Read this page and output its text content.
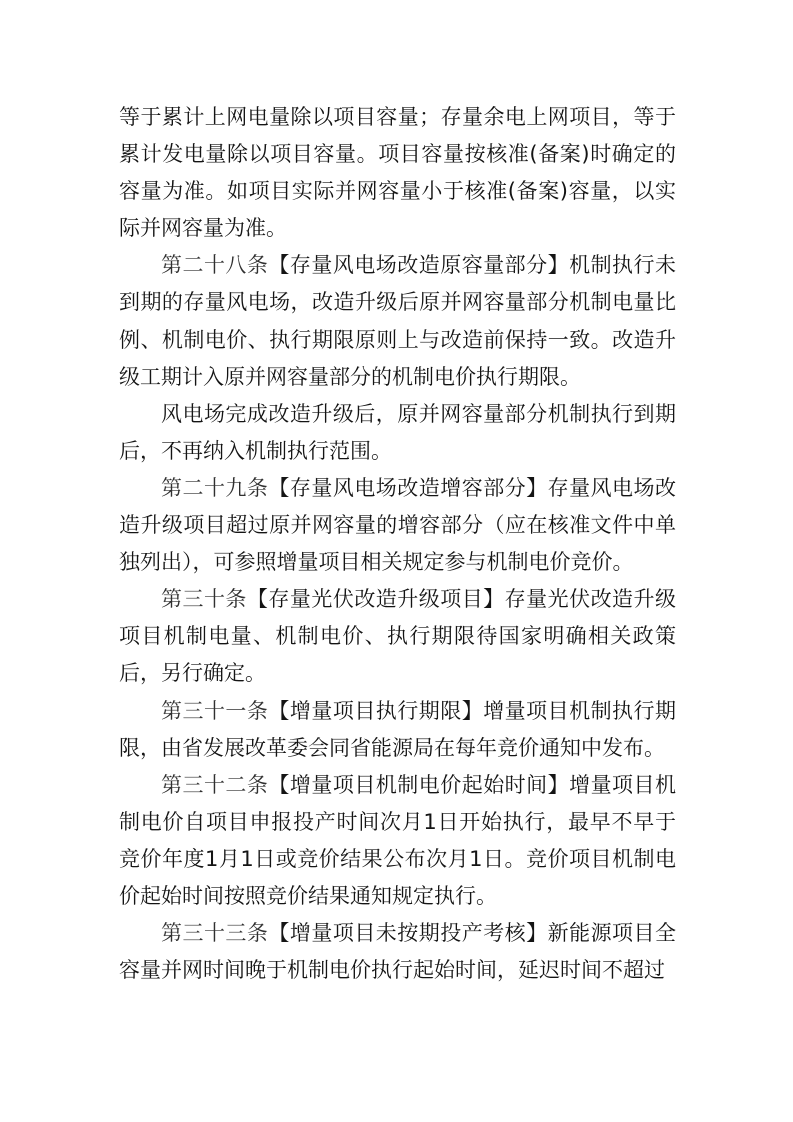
等于累计上网电量除以项目容量；存量余电上网项目，等于累计发电量除以项目容量。项目容量按核准(备案)时确定的容量为准。如项目实际并网容量小于核准(备案)容量，以实际并网容量为准。

第二十八条【存量风电场改造原容量部分】机制执行未到期的存量风电场，改造升级后原并网容量部分机制电量比例、机制电价、执行期限原则上与改造前保持一致。改造升级工期计入原并网容量部分的机制电价执行期限。

风电场完成改造升级后，原并网容量部分机制执行到期后，不再纳入机制执行范围。

第二十九条【存量风电场改造增容部分】存量风电场改造升级项目超过原并网容量的增容部分（应在核准文件中单独列出），可参照增量项目相关规定参与机制电价竞价。

第三十条【存量光伏改造升级项目】存量光伏改造升级项目机制电量、机制电价、执行期限待国家明确相关政策后，另行确定。

第三十一条【增量项目执行期限】增量项目机制执行期限，由省发展改革委会同省能源局在每年竞价通知中发布。

第三十二条【增量项目机制电价起始时间】增量项目机制电价自项目申报投产时间次月1日开始执行，最早不早于竞价年度1月1日或竞价结果公布次月1日。竞价项目机制电价起始时间按照竞价结果通知规定执行。

第三十三条【增量项目未按期投产考核】新能源项目全容量并网时间晚于机制电价执行起始时间，延迟时间不超过
